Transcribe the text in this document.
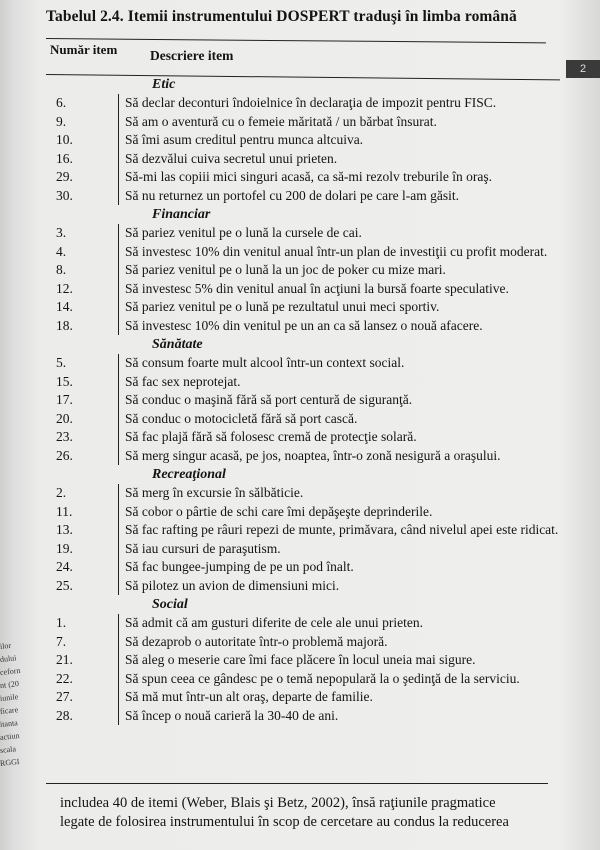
ilor
dului
ceforn
nt (20
iunile
ficare
itanta
actiun
scala
RGGI
Tabelul 2.4. Itemii instrumentului DOSPERT traduşi în limba română
Număr item Descriere item
2
Etic
6.	Să declar deconturi îndoielnice în declaraţia de impozit pentru FISC.
9.	Să am o aventură cu o femeie măritată / un bărbat însurat.
10.	Să îmi asum creditul pentru munca altcuiva.
16.	Să dezvălui cuiva secretul unui prieten.
29.	Să-mi las copiii mici singuri acasă, ca să-mi rezolv treburile în oraş.
30.	Să nu returnez un portofel cu 200 de dolari pe care l-am găsit.
Financiar
3.	Să pariez venitul pe o lună la cursele de cai.
4.	Să investesc 10% din venitul anual într-un plan de investiţii cu profit moderat.
8.	Să pariez venitul pe o lună la un joc de poker cu mize mari.
12.	Să investesc 5% din venitul anual în acţiuni la bursă foarte speculative.
14.	Să pariez venitul pe o lună pe rezultatul unui meci sportiv.
18.	Să investesc 10% din venitul pe un an ca să lansez o nouă afacere.
Sănătate
5.	Să consum foarte mult alcool într-un context social.
15.	Să fac sex neprotejat.
17.	Să conduc o maşină fără să port centură de siguranţă.
20.	Să conduc o motocicletă fără să port cască.
23.	Să fac plajă fără să folosesc cremă de protecţie solară.
26.	Să merg singur acasă, pe jos, noaptea, într-o zonă nesigură a oraşului.
Recreaţional
2.	Să merg în excursie în sălbăticie.
11.	Să cobor o pârtie de schi care îmi depăşeşte deprinderile.
13.	Să fac rafting pe râuri repezi de munte, primăvara, când nivelul apei este ridicat.
19.	Să iau cursuri de paraşutism.
24.	Să fac bungee-jumping de pe un pod înalt.
25.	Să pilotez un avion de dimensiuni mici.
Social
1.	Să admit că am gusturi diferite de cele ale unui prieten.
7.	Să dezaprob o autoritate într-o problemă majoră.
21.	Să aleg o meserie care îmi face plăcere în locul uneia mai sigure.
22.	Să spun ceea ce gândesc pe o temă nepopulară la o şedinţă de la serviciu.
27.	Să mă mut într-un alt oraş, departe de familie.
28.	Să încep o nouă carieră la 30-40 de ani.
includea 40 de itemi (Weber, Blais şi Betz, 2002), însă raţiunile pragmatice
legate de folosirea instrumentului în scop de cercetare au condus la reducerea
